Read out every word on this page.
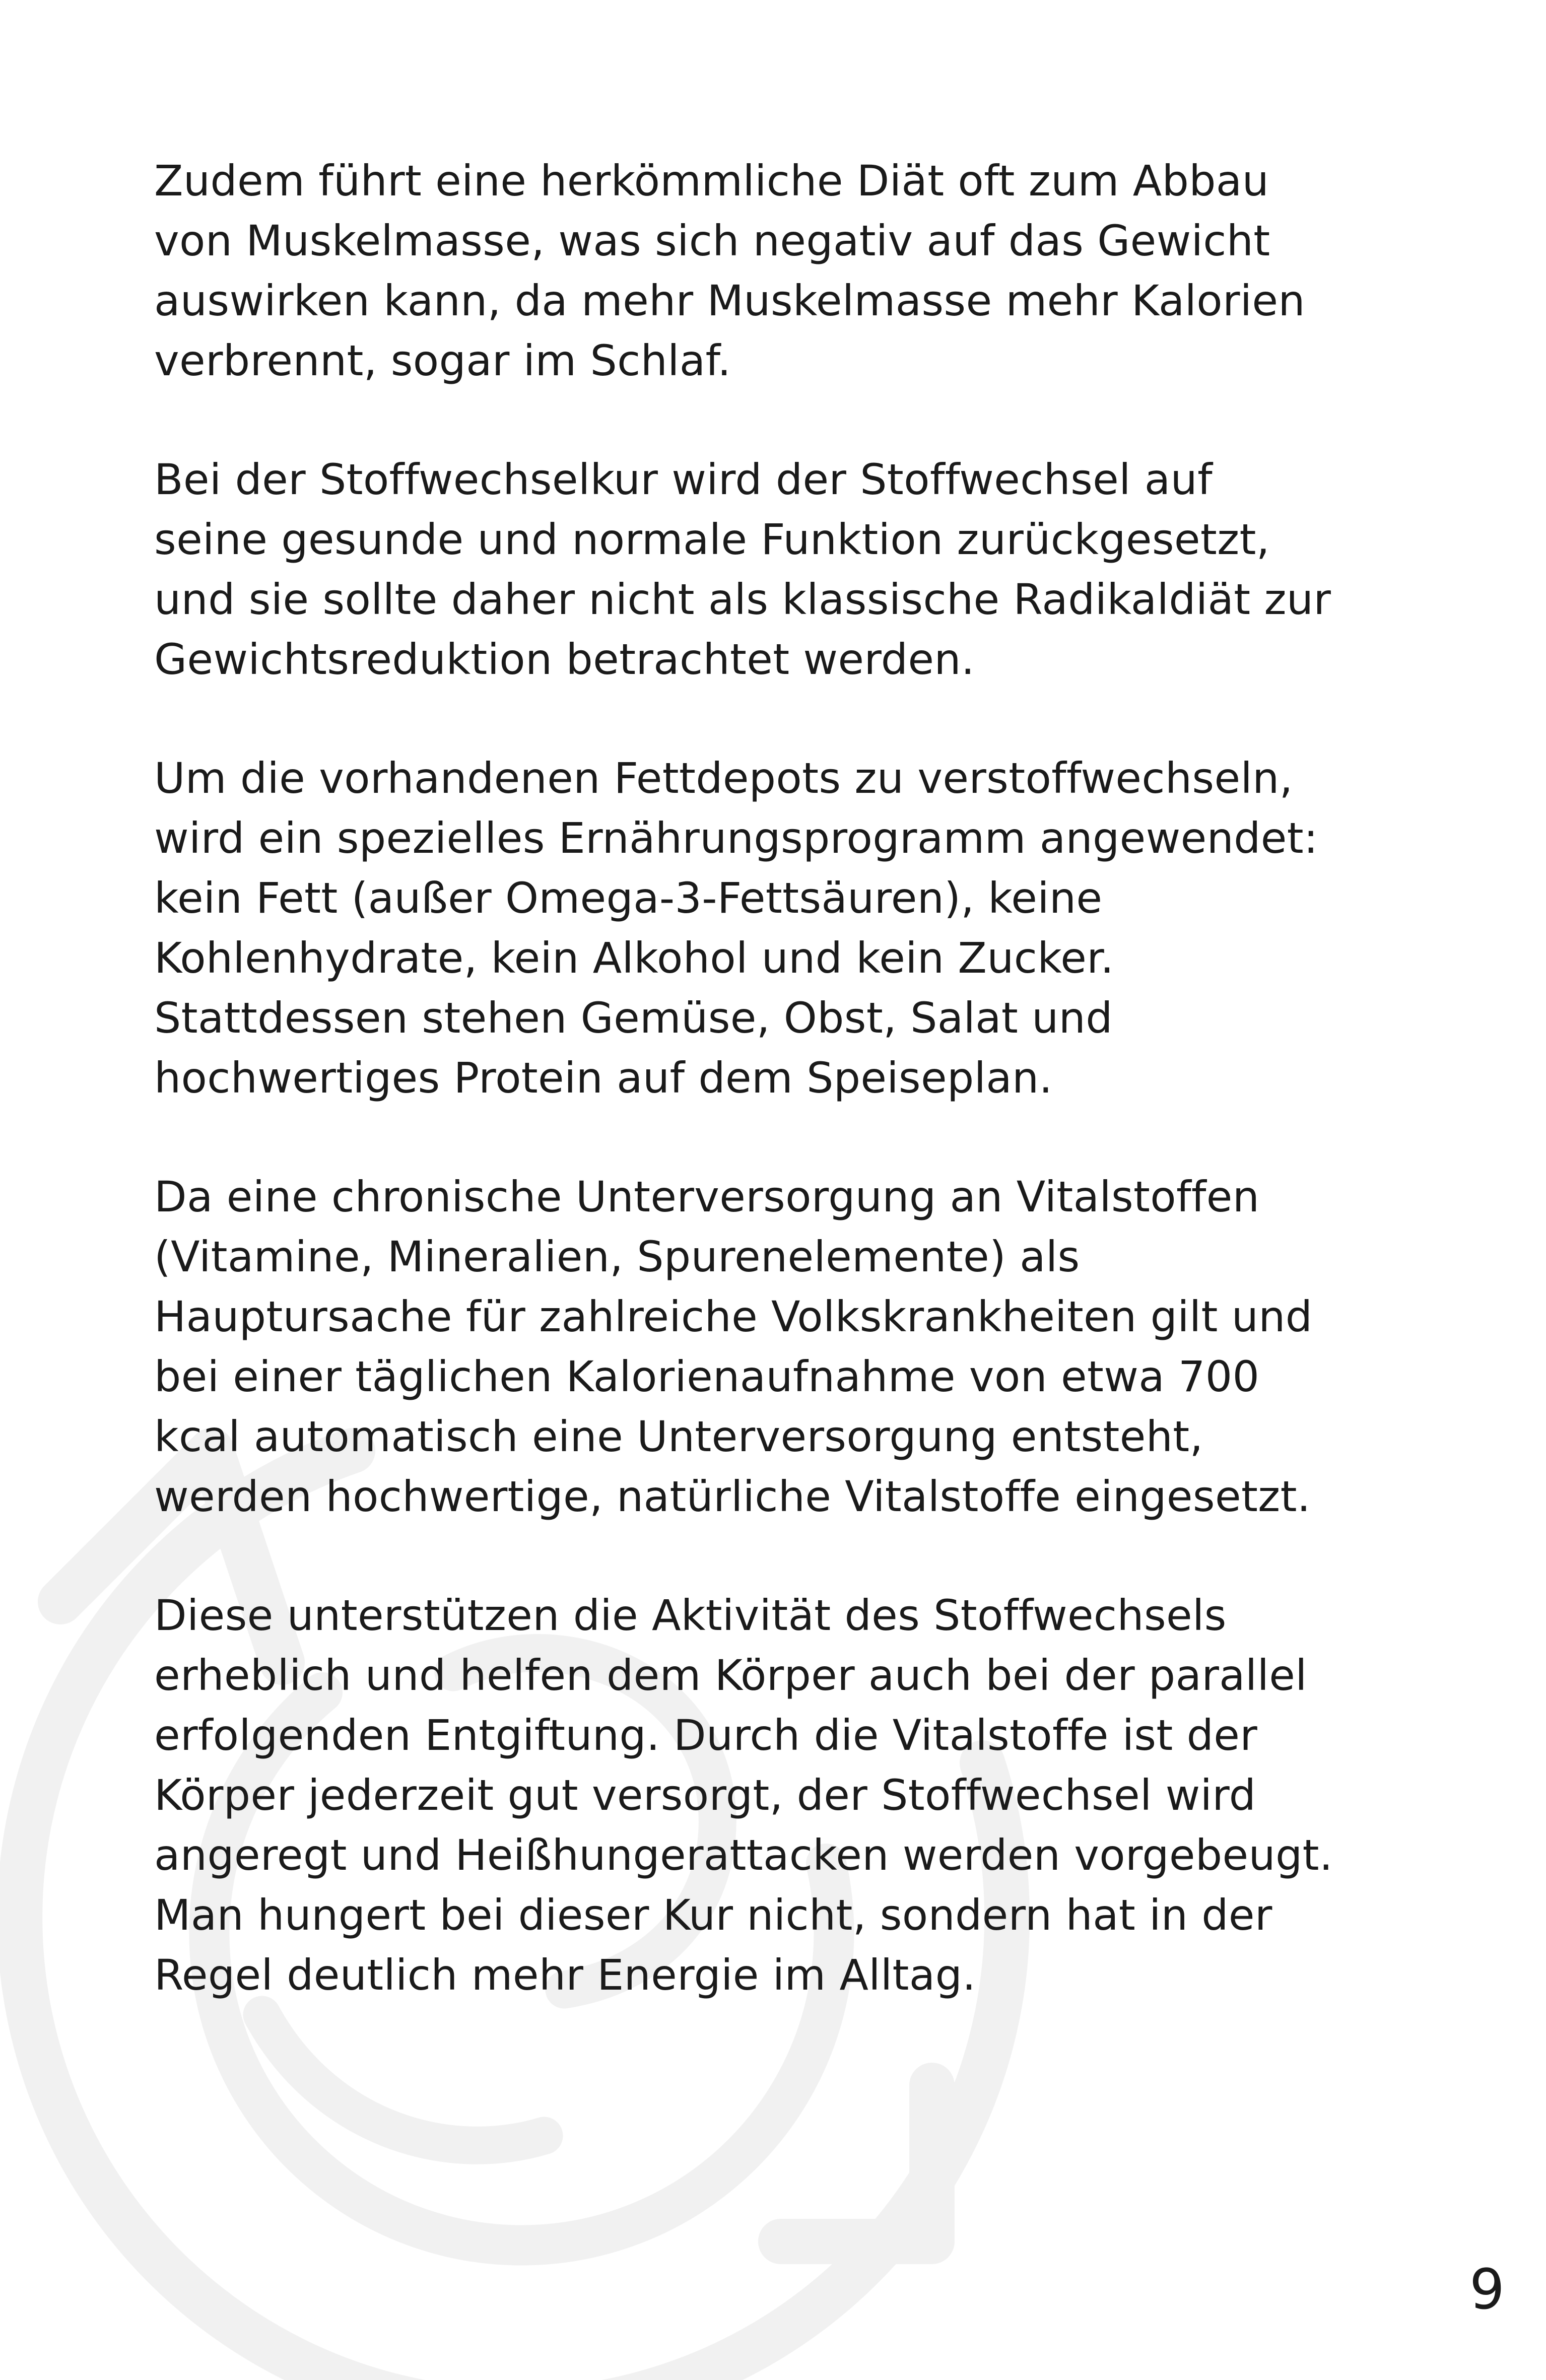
Zudem führt eine herkömmliche Diät oft zum Abbau
von Muskelmasse, was sich negativ auf das Gewicht
auswirken kann, da mehr Muskelmasse mehr Kalorien
verbrennt, sogar im Schlaf.

Bei der Stoffwechselkur wird der Stoffwechsel auf
seine gesunde und normale Funktion zurückgesetzt,
und sie sollte daher nicht als klassische Radikaldiät zur
Gewichtsreduktion betrachtet werden.

Um die vorhandenen Fettdepots zu verstoffwechseln,
wird ein spezielles Ernährungsprogramm angewendet:
kein Fett (außer Omega-3-Fettsäuren), keine
Kohlenhydrate, kein Alkohol und kein Zucker.
Stattdessen stehen Gemüse, Obst, Salat und
hochwertiges Protein auf dem Speiseplan.

Da eine chronische Unterversorgung an Vitalstoffen
(Vitamine, Mineralien, Spurenelemente) als
Hauptursache für zahlreiche Volkskrankheiten gilt und
bei einer täglichen Kalorienaufnahme von etwa 700
kcal automatisch eine Unterversorgung entsteht,
werden hochwertige, natürliche Vitalstoffe eingesetzt.

Diese unterstützen die Aktivität des Stoffwechsels
erheblich und helfen dem Körper auch bei der parallel
erfolgenden Entgiftung. Durch die Vitalstoffe ist der
Körper jederzeit gut versorgt, der Stoffwechsel wird
angeregt und Heißhungerattacken werden vorgebeugt.
Man hungert bei dieser Kur nicht, sondern hat in der
Regel deutlich mehr Energie im Alltag.

9
